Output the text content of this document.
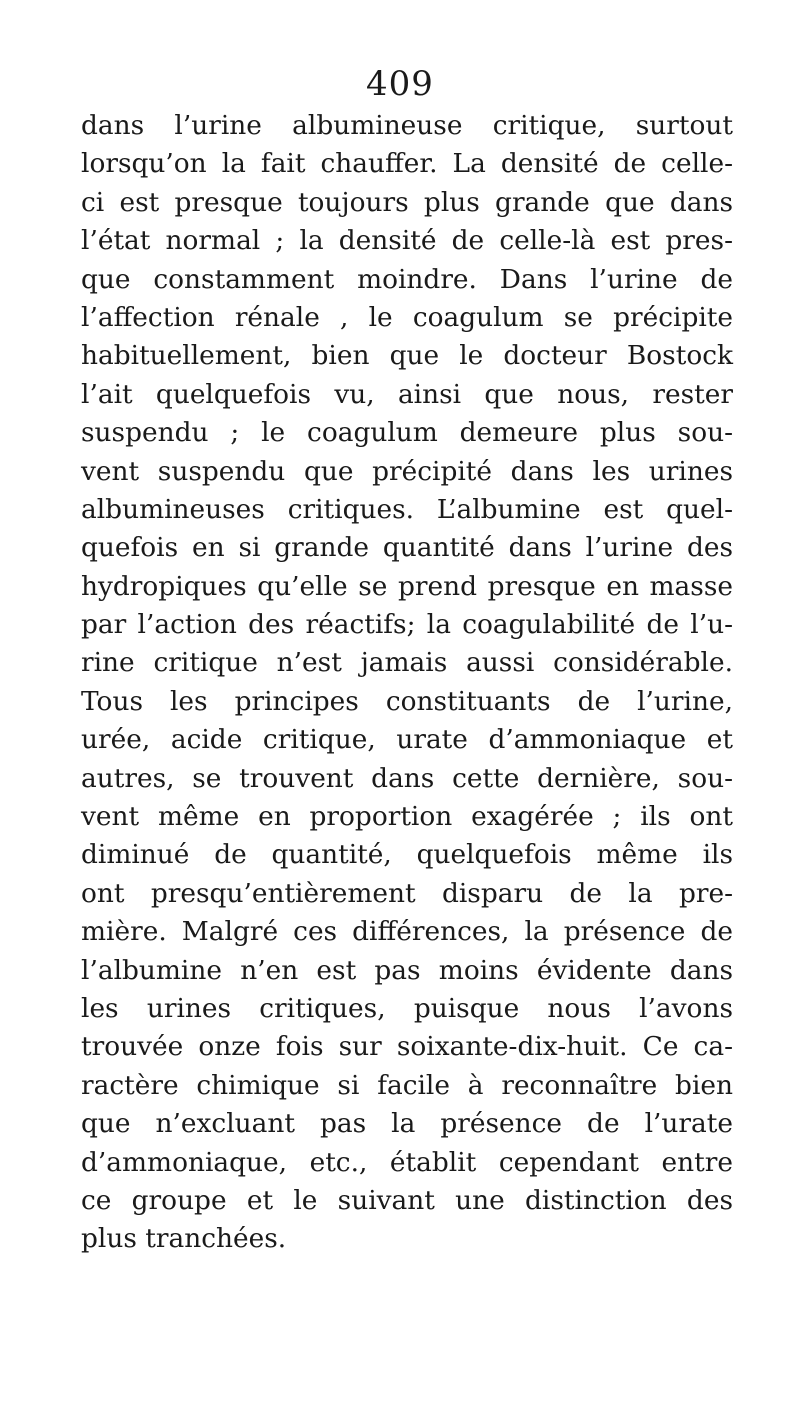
409
dans l’urine albumineuse critique, surtout
lorsqu’on la fait chauffer. La densité de celle-
ci est presque toujours plus grande que dans
l’état normal ; la densité de celle-là est pres-
que constamment moindre. Dans l’urine de
l’affection rénale , le coagulum se précipite
habituellement, bien que le docteur Bostock
l’ait quelquefois vu, ainsi que nous, rester
suspendu ; le coagulum demeure plus sou-
vent suspendu que précipité dans les urines
albumineuses critiques. L’albumine est quel-
quefois en si grande quantité dans l’urine des
hydropiques qu’elle se prend presque en masse
par l’action des réactifs; la coagulabilité de l’u-
rine critique n’est jamais aussi considérable.
Tous les principes constituants de l’urine,
urée, acide critique, urate d’ammoniaque et
autres, se trouvent dans cette dernière, sou-
vent même en proportion exagérée ; ils ont
diminué de quantité, quelquefois même ils
ont presqu’entièrement disparu de la pre-
mière. Malgré ces différences, la présence de
l’albumine n’en est pas moins évidente dans
les urines critiques, puisque nous l’avons
trouvée onze fois sur soixante-dix-huit. Ce ca-
ractère chimique si facile à reconnaître bien
que n’excluant pas la présence de l’urate
d’ammoniaque, etc., établit cependant entre
ce groupe et le suivant une distinction des
plus tranchées.
